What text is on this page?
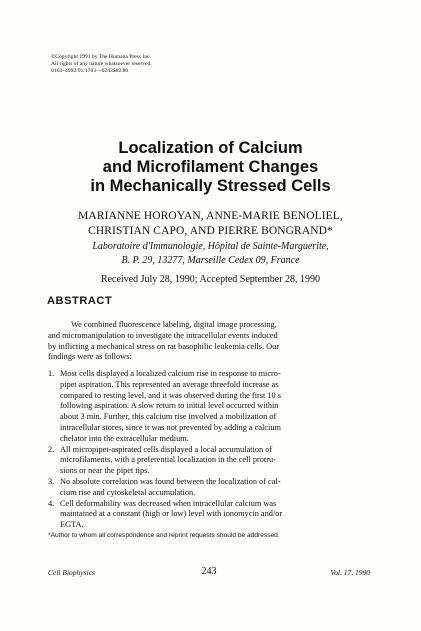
©Copyright 1991 by The Humana Press Inc.
All rights of any nature whatsoever reserved.
0163–4992/91/1703—0243$02.80
Localization of Calcium
and Microfilament Changes
in Mechanically Stressed Cells
MARIANNE HOROYAN, ANNE-MARIE BENOLIEL,
CHRISTIAN CAPO, AND PIERRE BONGRAND*
Laboratoire d'Immunologie, Hôpital de Sainte-Marguerite,
B. P. 29, 13277, Marseille Cedex 09, France
Received July 28, 1990; Accepted September 28, 1990
ABSTRACT
We combined fluorescence labeling, digital image processing,
and micromanipulation to investigate the intracellular events induced
by inflicting a mechanical stress on rat basophilic leukemia cells. Our
findings were as follows:
1. Most cells displayed a localized calcium rise in response to micro-
pipet aspiration. This represented an average threefold increase as
compared to resting level, and it was observed during the first 10 s
following aspiration. A slow return to initial level occurred within
about 3 min. Further, this calcium rise involved a mobilization of
intracellular stores, since it was not prevented by adding a calcium
chelator into the extracellular medium.
2. All micropipet-aspirated cells displayed a local accumulation of
microfilaments, with a preferential localization in the cell protru-
sions or near the pipet tips.
3. No absolute correlation was found between the localization of cal-
cium rise and cytoskeletal accumulation.
4. Cell deformability was decreased when intracellular calcium was
maintained at a constant (high or low) level with ionomycin and/or
EGTA.
*Author to whom all correspondence and reprint requests should be addressed.
Cell Biophysics	243	Vol. 17, 1990
